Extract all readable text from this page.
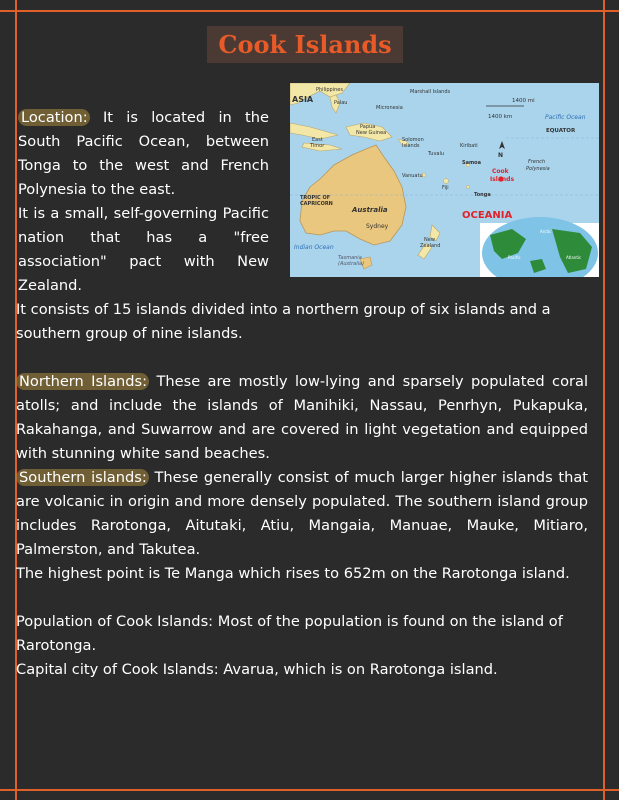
Cook Islands

Location: It is located in the South Pacific Ocean, between Tonga to the west and French Polynesia to the east.

It is a small, self-governing Pacific nation that has a "free association" pact with New Zealand.

ASIA
Philippines
Palau
Micronesia
Marshall Islands
1400 mi
1400 km	Pacific Ocean
EQUATOR
Papua
New Guinea
Solomon
Islands
Tuvalu
Kiribati
Samoa
N
East
Timor
Vanuatu
Cook
Islands
French
Polynesia
Fiji
Tonga
TROPIC OF
CAPRICORN
Australia	OCEANIA
Sydney
New
Zealand
Indian Ocean
Tasmania
(Australia)
Arctic
Pacific	Atlantic

It consists of 15 islands divided into a northern group of six islands and a southern group of nine islands.

Northern Islands: These are mostly low-lying and sparsely populated coral atolls; and include the islands of Manihiki, Nassau, Penrhyn, Pukapuka, Rakahanga, and Suwarrow and are covered in light vegetation and equipped with stunning white sand beaches.

Southern islands: These generally consist of much larger higher islands that are volcanic in origin and more densely populated. The southern island group includes Rarotonga, Aitutaki, Atiu, Mangaia, Manuae, Mauke, Mitiaro, Palmerston, and Takutea.

The highest point is Te Manga which rises to 652m on the Rarotonga island.

Population of Cook Islands: Most of the population is found on the island of Rarotonga.

Capital city of Cook Islands: Avarua, which is on Rarotonga island.
